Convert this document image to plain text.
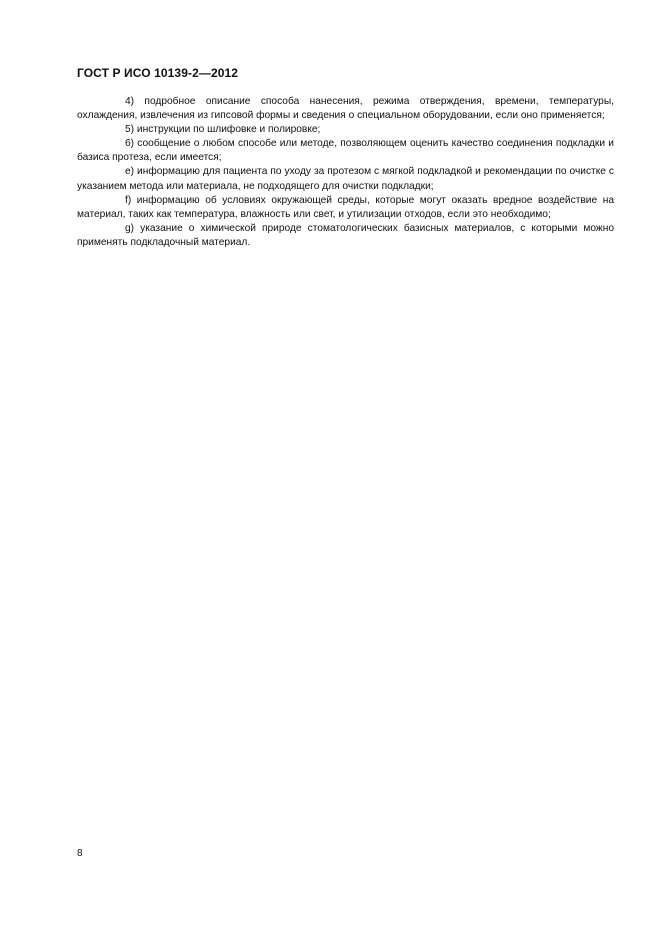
ГОСТ Р ИСО 10139-2—2012

4) подробное описание способа нанесения, режима отверждения, времени, температуры, охлаждения, извлечения из гипсовой формы и сведения о специальном оборудовании, если оно применяется;

5) инструкции по шлифовке и полировке;

6) сообщение о любом способе или методе, позволяющем оценить качество соединения подкладки и базиса протеза, если имеется;

e) информацию для пациента по уходу за протезом с мягкой подкладкой и рекомендации по очистке с указанием метода или материала, не подходящего для очистки подкладки;

f) информацию об условиях окружающей среды, которые могут оказать вредное воздействие на материал, таких как температура, влажность или свет, и утилизации отходов, если это необходимо;

g) указание о химической природе стоматологических базисных материалов, с которыми можно применять подкладочный материал.

8
